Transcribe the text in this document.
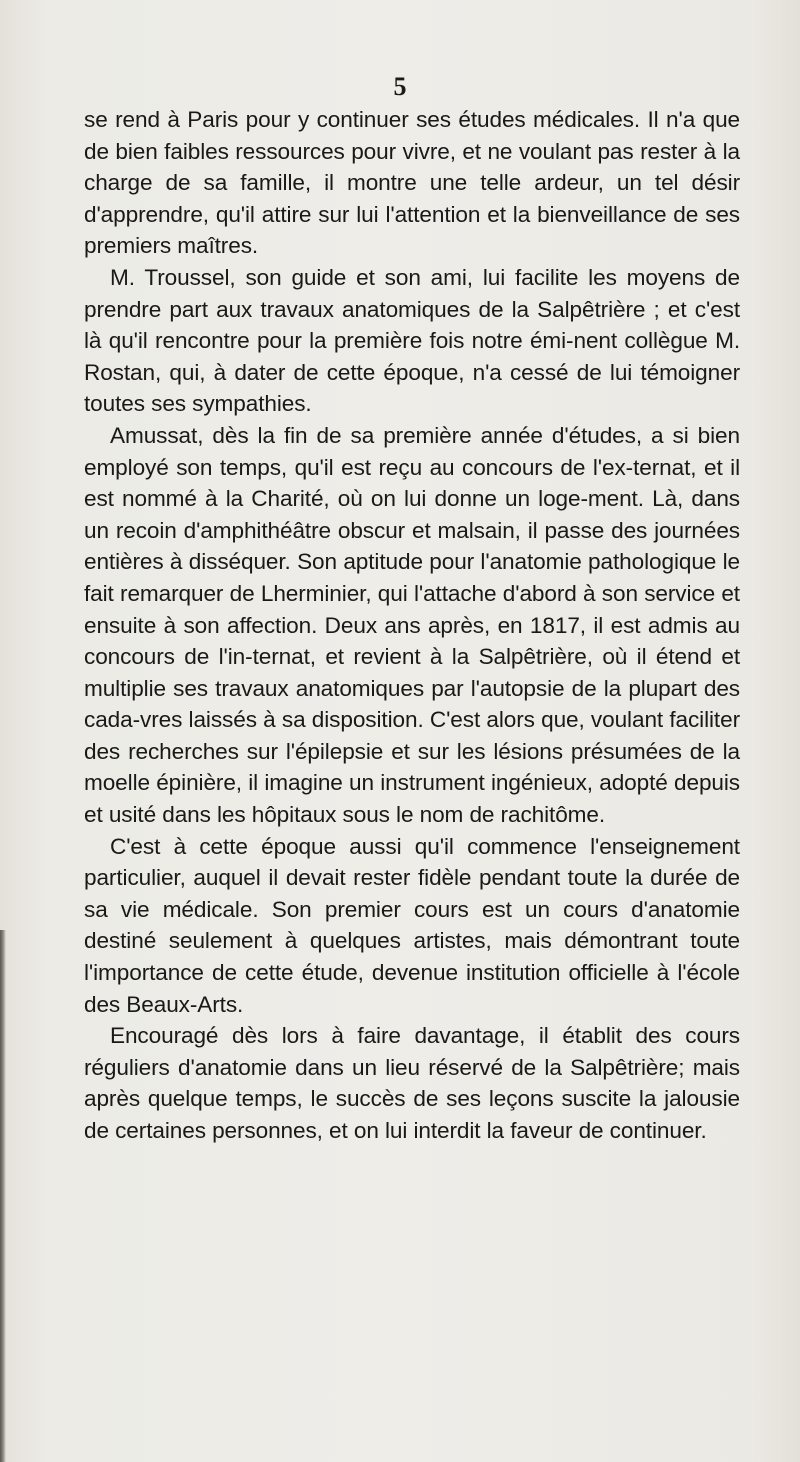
5

se rend à Paris pour y continuer ses études médicales. Il n'a que de bien faibles ressources pour vivre, et ne voulant pas rester à la charge de sa famille, il montre une telle ardeur, un tel désir d'apprendre, qu'il attire sur lui l'attention et la bienveillance de ses premiers maîtres.

M. Troussel, son guide et son ami, lui facilite les moyens de prendre part aux travaux anatomiques de la Salpêtrière ; et c'est là qu'il rencontre pour la première fois notre émi-nent collègue M. Rostan, qui, à dater de cette époque, n'a cessé de lui témoigner toutes ses sympathies.

Amussat, dès la fin de sa première année d'études, a si bien employé son temps, qu'il est reçu au concours de l'ex-ternat, et il est nommé à la Charité, où on lui donne un loge-ment. Là, dans un recoin d'amphithéâtre obscur et malsain, il passe des journées entières à disséquer. Son aptitude pour l'anatomie pathologique le fait remarquer de Lherminier, qui l'attache d'abord à son service et ensuite à son affection. Deux ans après, en 1817, il est admis au concours de l'in-ternat, et revient à la Salpêtrière, où il étend et multiplie ses travaux anatomiques par l'autopsie de la plupart des cada-vres laissés à sa disposition. C'est alors que, voulant faciliter des recherches sur l'épilepsie et sur les lésions présumées de la moelle épinière, il imagine un instrument ingénieux, adopté depuis et usité dans les hôpitaux sous le nom de rachitôme.

C'est à cette époque aussi qu'il commence l'enseignement particulier, auquel il devait rester fidèle pendant toute la durée de sa vie médicale. Son premier cours est un cours d'anatomie destiné seulement à quelques artistes, mais démontrant toute l'importance de cette étude, devenue institution officielle à l'école des Beaux-Arts.

Encouragé dès lors à faire davantage, il établit des cours réguliers d'anatomie dans un lieu réservé de la Salpêtrière; mais après quelque temps, le succès de ses leçons suscite la jalousie de certaines personnes, et on lui interdit la faveur de continuer.
